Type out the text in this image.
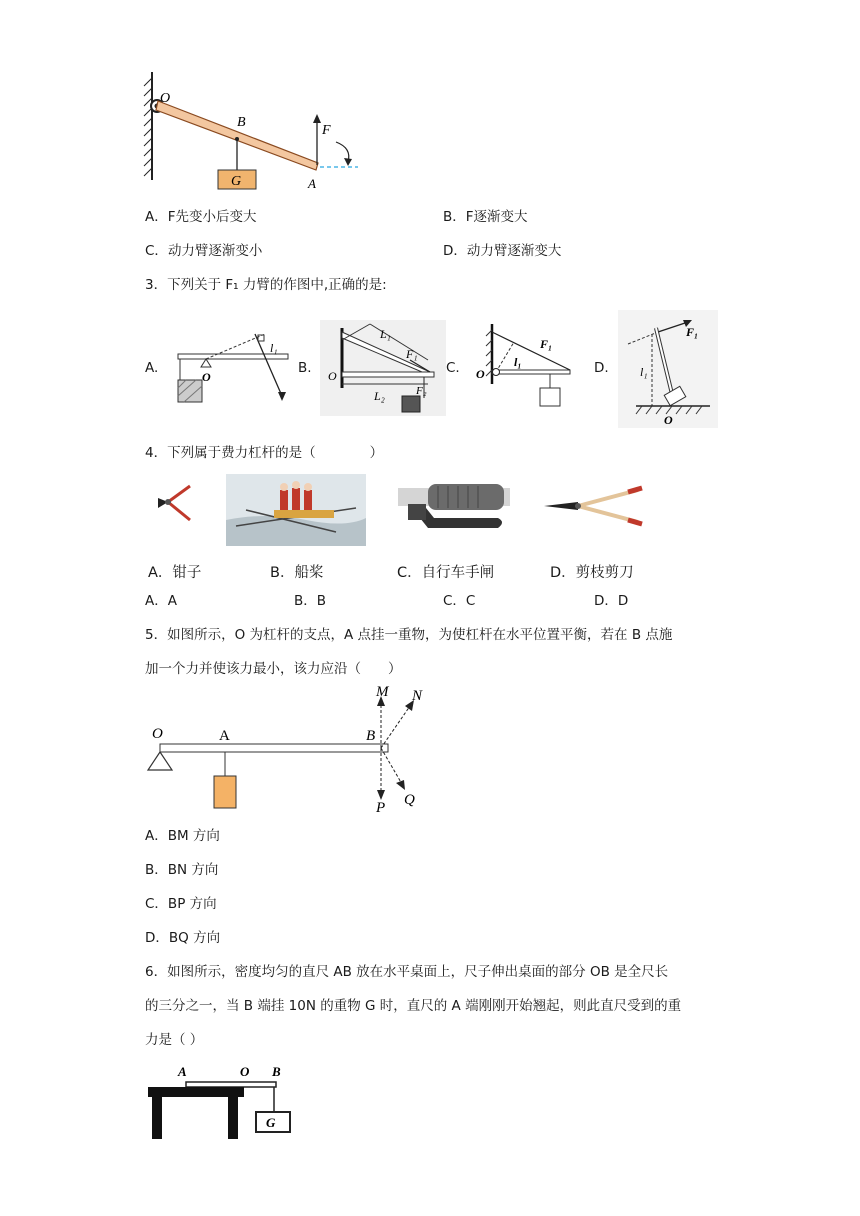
O
B
F
G	A
A．F先变小后变大	B．F逐渐变大
C．动力臂逐渐变小	D．动力臂逐渐变大
3．下列关于 F₁ 力臂的作图中,正确的是:
A.
O
l₁
B. O
L₁
F₁
F₂
L₂
C. O
F₁
l₁	D.
F₁
l₁
O
4．下列属于费力杠杆的是（　　　　）
A．钳子	B．船桨	C．自行车手闸	D．剪枝剪刀
A．A	B．B	C．C	D．D
5．如图所示，O 为杠杆的支点，A 点挂一重物，为使杠杆在水平位置平衡，若在 B 点施
加一个力并使该力最小，该力应沿（　　）
O	A	B
M N
P Q
A．BM 方向
B．BN 方向
C．BP 方向
D．BQ 方向
6．如图所示，密度均匀的直尺 AB 放在水平桌面上，尺子伸出桌面的部分 OB 是全尺长
的三分之一，当 B 端挂 10N 的重物 G 时，直尺的 A 端刚刚开始翘起，则此直尺受到的重
力是（ ）
A	O B
G
